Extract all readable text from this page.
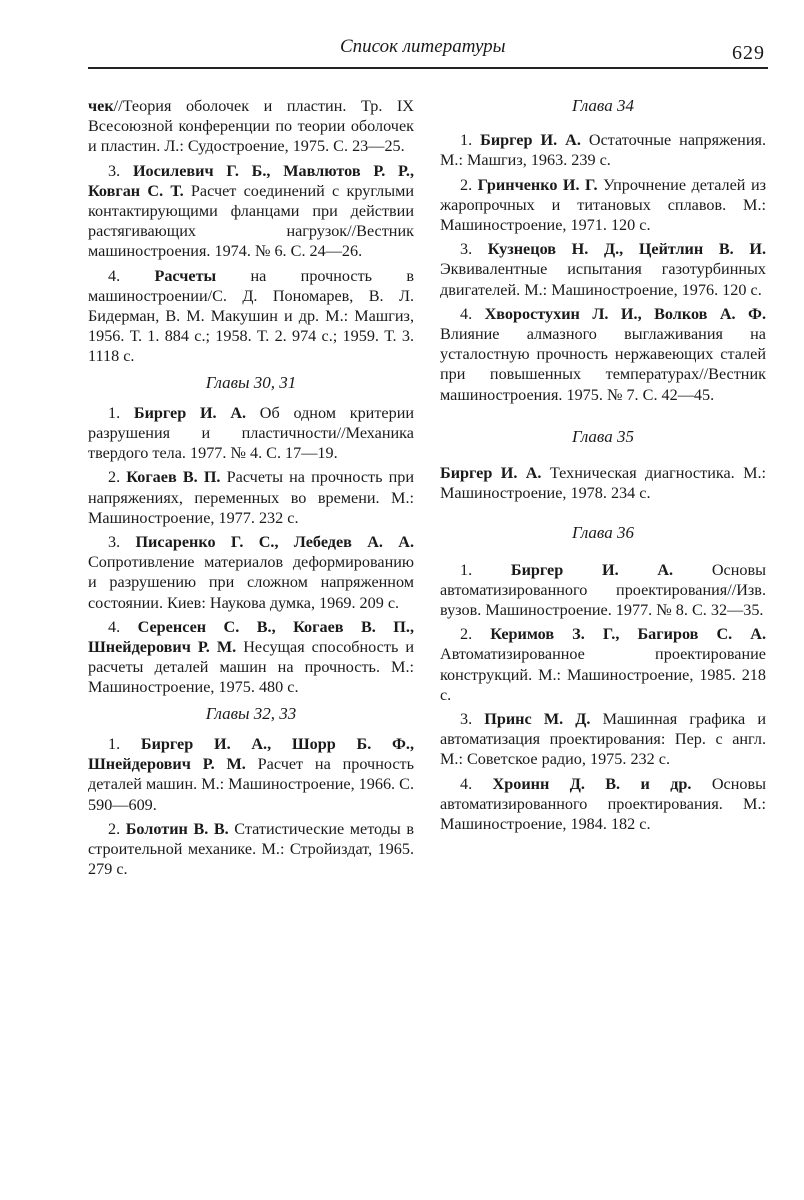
Список литературы	629

чек//Теория оболочек и пластин. Тр. IX Всесоюзной конференции по теории оболочек и пластин. Л.: Судостроение, 1975. С. 23—25.

3. Иосилевич Г. Б., Мавлютов Р. Р., Ковган С. Т. Расчет соединений с круглыми контактирующими фланцами при действии растягивающих нагрузок//Вестник машиностроения. 1974. № 6. С. 24—26.

4. Расчеты на прочность в машиностроении/С. Д. Пономарев, В. Л. Бидерман, В. М. Макушин и др. М.: Машгиз, 1956. Т. 1. 884 с.; 1958. Т. 2. 974 с.; 1959. Т. 3. 1118 с.

Главы 30, 31

1. Биргер И. А. Об одном критерии разрушения и пластичности//Механика твердого тела. 1977. № 4. С. 17—19.

2. Когаев В. П. Расчеты на прочность при напряжениях, переменных во времени. М.: Машиностроение, 1977. 232 с.

3. Писаренко Г. С., Лебедев А. А. Сопротивление материалов деформированию и разрушению при сложном напряженном состоянии. Киев: Наукова думка, 1969. 209 с.

4. Серенсен С. В., Когаев В. П., Шнейдерович Р. М. Несущая способность и расчеты деталей машин на прочность. М.: Машиностроение, 1975. 480 с.

Главы 32, 33

1. Биргер И. А., Шорр Б. Ф., Шнейдерович Р. М. Расчет на прочность деталей машин. М.: Машиностроение, 1966. С. 590—609.

2. Болотин В. В. Статистические методы в строительной механике. М.: Стройиздат, 1965. 279 с.

Глава 34

1. Биргер И. А. Остаточные напряжения. М.: Машгиз, 1963. 239 с.

2. Гринченко И. Г. Упрочнение деталей из жаропрочных и титановых сплавов. М.: Машиностроение, 1971. 120 с.

3. Кузнецов Н. Д., Цейтлин В. И. Эквивалентные испытания газотурбинных двигателей. М.: Машиностроение, 1976. 120 с.

4. Хворостухин Л. И., Волков А. Ф. Влияние алмазного выглаживания на усталостную прочность нержавеющих сталей при повышенных температурах//Вестник машиностроения. 1975. № 7. С. 42—45.

Глава 35

Биргер И. А. Техническая диагностика. М.: Машиностроение, 1978. 234 с.

Глава 36

1. Биргер И. А. Основы автоматизированного проектирования//Изв. вузов. Машиностроение. 1977. № 8. С. 32—35.

2. Керимов З. Г., Багиров С. А. Автоматизированное проектирование конструкций. М.: Машиностроение, 1985. 218 с.

3. Принс М. Д. Машинная графика и автоматизация проектирования: Пер. с англ. М.: Советское радио, 1975. 232 с.

4. Хроинн Д. В. и др. Основы автоматизированного проектирования. М.: Машиностроение, 1984. 182 с.
